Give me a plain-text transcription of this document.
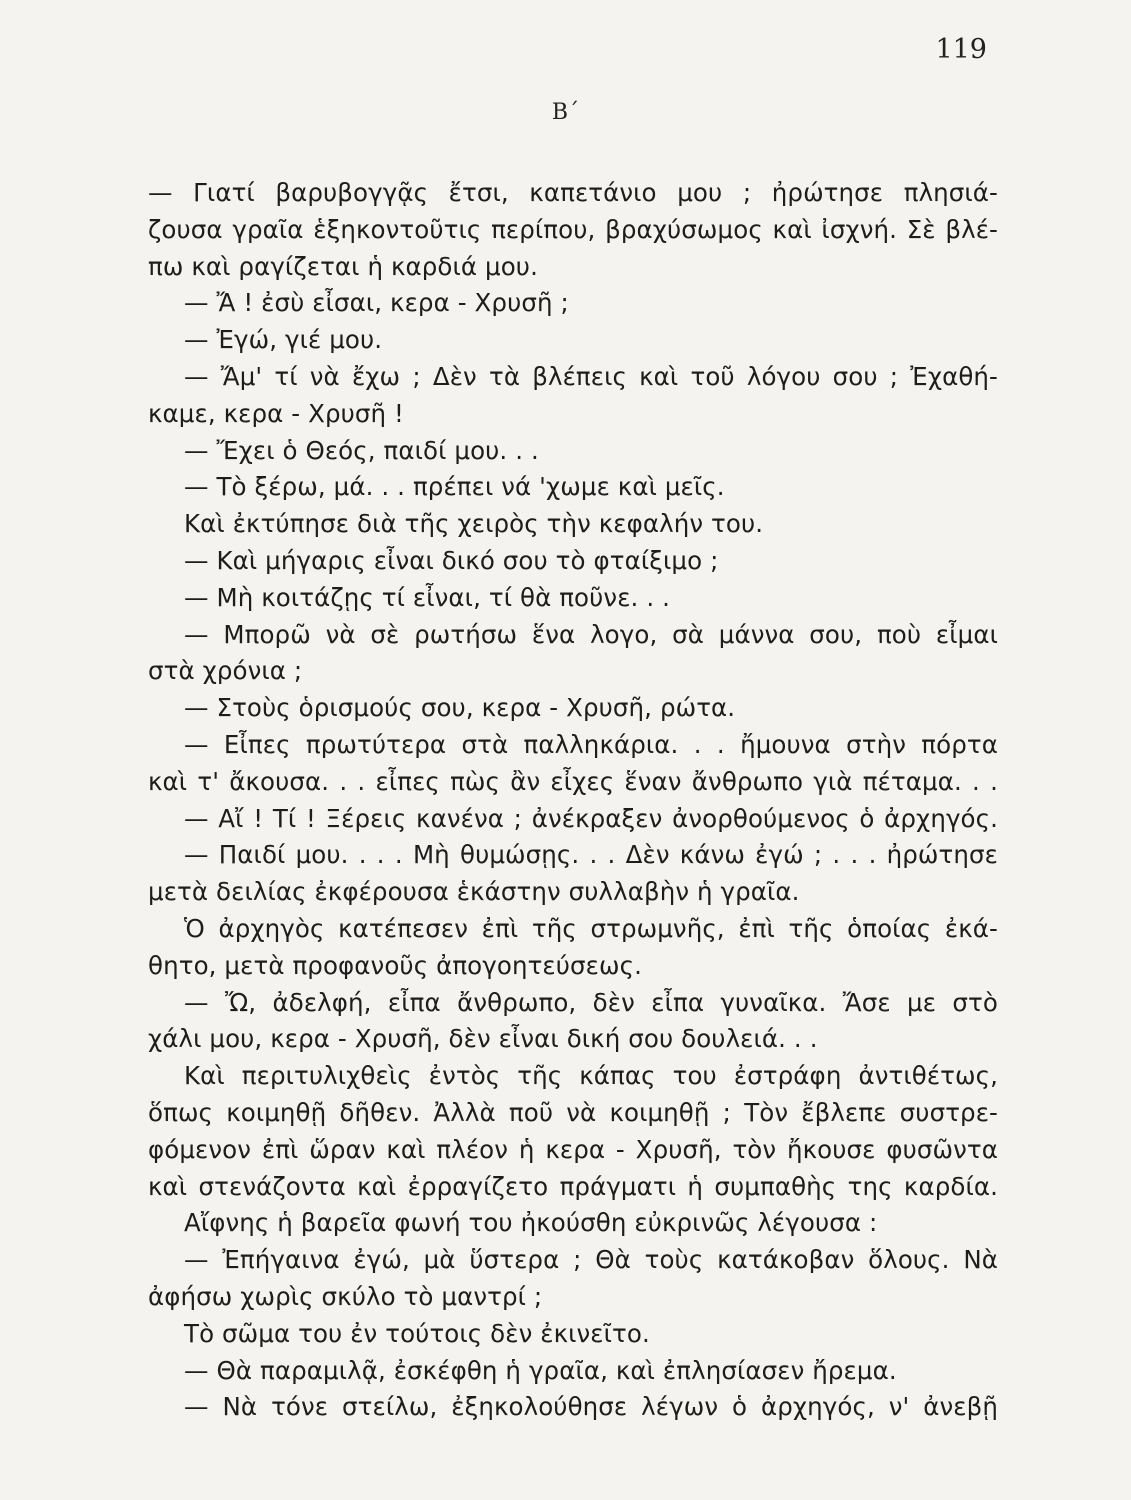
119
Β΄
— Γιατί βαρυβογγᾷς ἔτσι, καπετάνιο μου ; ἠρώτησε πλησιά-
ζουσα γραῖα ἑξηκοντοῦτις περίπου, βραχύσωμος καὶ ἰσχνή. Σὲ βλέ-
πω καὶ ραγίζεται ἡ καρδιά μου.
— Ἄ ! ἐσὺ εἶσαι, κερα - Χρυσῆ ;
— Ἐγώ, γιέ μου.
— Ἄμ' τί νὰ ἔχω ; Δὲν τὰ βλέπεις καὶ τοῦ λόγου σου ; Ἐχαθή-
καμε, κερα - Χρυσῆ !
— Ἔχει ὁ Θεός, παιδί μου. . .
— Τὸ ξέρω, μά. . . πρέπει νά 'χωμε καὶ μεῖς.
Καὶ ἐκτύπησε διὰ τῆς χειρὸς τὴν κεφαλήν του.
— Καὶ μήγαρις εἶναι δικό σου τὸ φταίξιμο ;
— Μὴ κοιτάζῃς τί εἶναι, τί θὰ ποῦνε. . .
— Μπορῶ νὰ σὲ ρωτήσω ἕνα λογο, σὰ μάννα σου, ποὺ εἶμαι
στὰ χρόνια ;
— Στοὺς ὁρισμούς σου, κερα - Χρυσῆ, ρώτα.
— Εἶπες πρωτύτερα στὰ παλληκάρια. . . ἤμουνα στὴν πόρτα
καὶ τ' ἄκουσα. . . εἶπες πὼς ἂν εἶχες ἕναν ἄνθρωπο γιὰ πέταμα. . .
— Αἴ ! Τί ! Ξέρεις κανένα ; ἀνέκραξεν ἀνορθούμενος ὁ ἀρχηγός.
— Παιδί μου. . . . Μὴ θυμώσῃς. . . Δὲν κάνω ἐγώ ; . . . ἠρώτησε
μετὰ δειλίας ἐκφέρουσα ἑκάστην συλλαβὴν ἡ γραῖα.
Ὁ ἀρχηγὸς κατέπεσεν ἐπὶ τῆς στρωμνῆς, ἐπὶ τῆς ὁποίας ἐκά-
θητο, μετὰ προφανοῦς ἀπογοητεύσεως.
— Ὤ, ἀδελφή, εἶπα ἄνθρωπο, δὲν εἶπα γυναῖκα. Ἄσε με στὸ
χάλι μου, κερα - Χρυσῆ, δὲν εἶναι δική σου δουλειά. . .
Καὶ περιτυλιχθεὶς ἐντὸς τῆς κάπας του ἐστράφη ἀντιθέτως,
ὅπως κοιμηθῇ δῆθεν. Ἀλλὰ ποῦ νὰ κοιμηθῇ ; Τὸν ἔβλεπε συστρε-
φόμενον ἐπὶ ὥραν καὶ πλέον ἡ κερα - Χρυσῆ, τὸν ἤκουσε φυσῶντα
καὶ στενάζοντα καὶ ἐρραγίζετο πράγματι ἡ συμπαθὴς της καρδία.
Αἴφνης ἡ βαρεῖα φωνή του ἠκούσθη εὐκρινῶς λέγουσα :
— Ἐπήγαινα ἐγώ, μὰ ὕστερα ; Θὰ τοὺς κατάκοβαν ὅλους. Νὰ
ἀφήσω χωρὶς σκύλο τὸ μαντρί ;
Τὸ σῶμα του ἐν τούτοις δὲν ἐκινεῖτο.
— Θὰ παραμιλᾷ, ἐσκέφθη ἡ γραῖα, καὶ ἐπλησίασεν ἤρεμα.
— Νὰ τόνε στείλω, ἐξηκολούθησε λέγων ὁ ἀρχηγός, ν' ἀνεβῇ
